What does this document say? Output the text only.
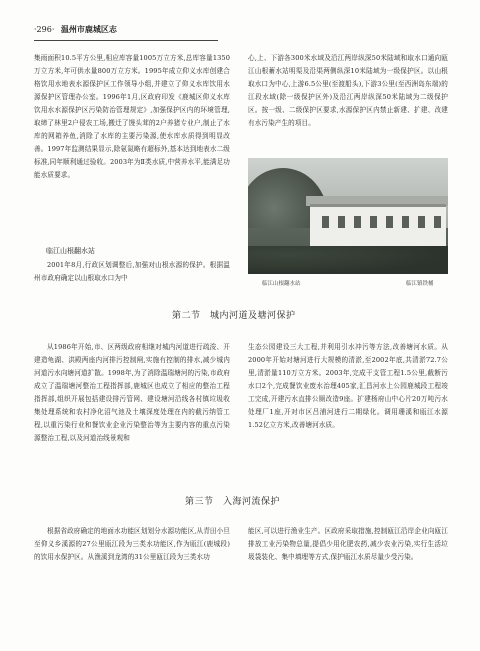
·296· 温州市鹿城区志
集雨面积10.5平方公里,相应库容量1005万立方米,总库容量1350万立方米,年可供水量800万立方米。1995年成立仰义水库创建合格饮用水地表水源保护区工作领导小组,并建立了仰义水库饮用水源保护区管理办公室。1996年1月,区政府印发《鹿城区仰义水库饮用水水源保护区污染防治管理规定》,加强保护区内的环境管理,取缔了林里2户侵农工场,搬迁了馒头茸的2户养猪专业户,制止了水库的网箱养鱼,消除了水库的主要污染源,使水库水质得到明显改善。1997年监测结果显示,除氨氮略有超标外,基本达到地表水二级标准,同年顺利通过验收。2003年为Ⅱ类水质,中营养水平,能满足功能水质要求。
临江山根翻水站
2001年8月,行政区划调整后,加强对山根水源的保护。根据温州市政府确定以山根取水口为中
心,上、下游各300米水域及沿江两岸纵深50米陆域和取水口通向瓯江山根蓄水站明渠及沿渠两侧纵深10米陆域为一级保护区。以山根取水口为中心,上游6.5公里(至渡船头),下游3公里(至西洲岛东端)的江段水域(除一级保护区外)及沿江两岸纵深50米陆域为二级保护区。按一级、二级保护区要求,水源保护区内禁止新建、扩建、改建有水污染产生的项目。
临江山根翻水站	临江镇铁桶
第二节　城内河道及塘河保护
从1986年开始,市、区两级政府相继对城内河道进行疏浚、开建造龟湖、洪殿两座内河排污控制闸,实施有控制的排水,减少城内河道污水向塘河道扩散。1998年,为了消除温瑞塘河的污染,市政府成立了温瑞塘河整治工程指挥部,鹿城区也成立了相应的整治工程指挥部,组织开展包括建设排污管网、建设塘河沿线各村镇垃圾收集处理系统和农村净化沼气池及土壤深度处理在内的截污纳管工程,以重污染行业和餐饮业企业污染整治等为主要内容的重点污染源整治工程,以及河道治线景观和
生态公园建设三大工程,并利用引水冲污等方法,改善塘河水质。从2000年开始对塘河进行大规模的清淤,至2002年底,共清淤72.7公里,清淤量110万立方米。2003年,完成干支管工程1.5公里,截断污水口2个,完成餐饮业废水治理405家,汇昌河水上公园鹿城段工程竣工完成,开建污水直排公厕改造9座。扩建杨府山中心片20万吨污水处理厂1座,开对市区吕浦河进行二期绿化。调用珊溪和瓯江水源1.52亿立方米,改善塘河水质。
第三节　入海河流保护
根据省政府确定的地面水功能区划划分水源功能区,从青田小旦至仰义乡溪源的27公里瓯江段为三类水功能区,作为瓯江(鹿城段)的饮用水保护区。从渔溪到龙湾的31公里瓯江段为三类水功
能区,可以进行渔业生产。区政府采取措施,控制瓯江沿岸企业向瓯江排放工业污染物总量,提倡少用化肥农药,减少农业污染,实行生活垃圾袋装化、集中填埋等方式,保护瓯江水质尽量少受污染。
